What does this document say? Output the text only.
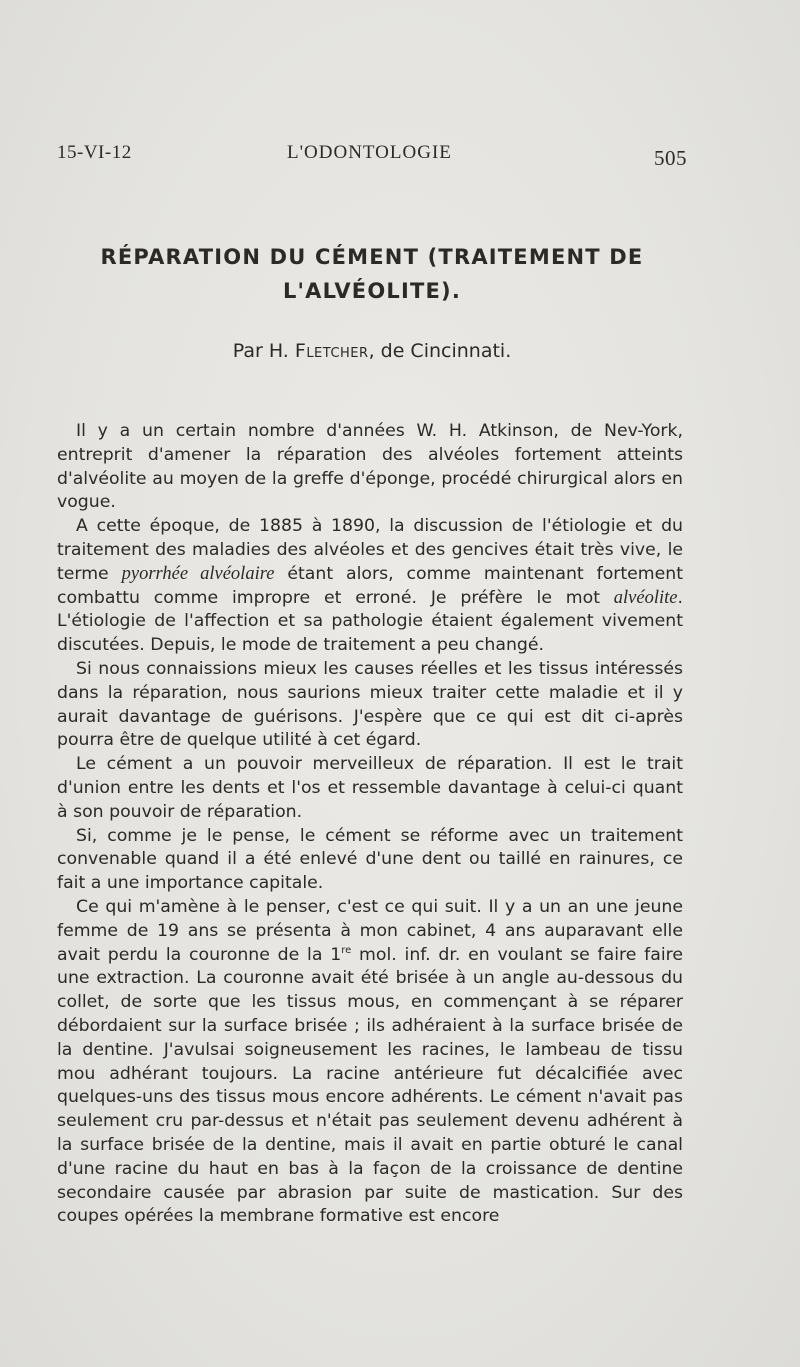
15-VI-12	L'ODONTOLOGIE	505
RÉPARATION DU CÉMENT (TRAITEMENT DE
L'ALVÉOLITE).
Par H. Fletcher, de Cincinnati.

Il y a un certain nombre d'années W. H. Atkinson, de Nev-York, entreprit d'amener la réparation des alvéoles fortement atteints d'alvéolite au moyen de la greffe d'éponge, procédé chirurgical alors en vogue.

A cette époque, de 1885 à 1890, la discussion de l'étiologie et du traitement des maladies des alvéoles et des gencives était très vive, le terme pyorrhée alvéolaire étant alors, comme maintenant fortement combattu comme impropre et erroné. Je préfère le mot alvéolite. L'étiologie de l'affection et sa pathologie étaient également vivement discutées. Depuis, le mode de traitement a peu changé.

Si nous connaissions mieux les causes réelles et les tissus intéressés dans la réparation, nous saurions mieux traiter cette maladie et il y aurait davantage de guérisons. J'espère que ce qui est dit ci-après pourra être de quelque utilité à cet égard.

Le cément a un pouvoir merveilleux de réparation. Il est le trait d'union entre les dents et l'os et ressemble davantage à celui-ci quant à son pouvoir de réparation.

Si, comme je le pense, le cément se réforme avec un traitement convenable quand il a été enlevé d'une dent ou taillé en rainures, ce fait a une importance capitale.

Ce qui m'amène à le penser, c'est ce qui suit. Il y a un an une jeune femme de 19 ans se présenta à mon cabinet, 4 ans auparavant elle avait perdu la couronne de la 1re mol. inf. dr. en voulant se faire faire une extraction. La couronne avait été brisée à un angle au-dessous du collet, de sorte que les tissus mous, en commençant à se réparer débordaient sur la surface brisée ; ils adhéraient à la surface brisée de la dentine. J'avulsai soigneusement les racines, le lambeau de tissu mou adhérant toujours. La racine antérieure fut décalcifiée avec quelques-uns des tissus mous encore adhérents. Le cément n'avait pas seulement cru par-dessus et n'était pas seulement devenu adhérent à la surface brisée de la dentine, mais il avait en partie obturé le canal d'une racine du haut en bas à la façon de la croissance de dentine secondaire causée par abrasion par suite de mastication. Sur des coupes opérées la membrane formative est encore
